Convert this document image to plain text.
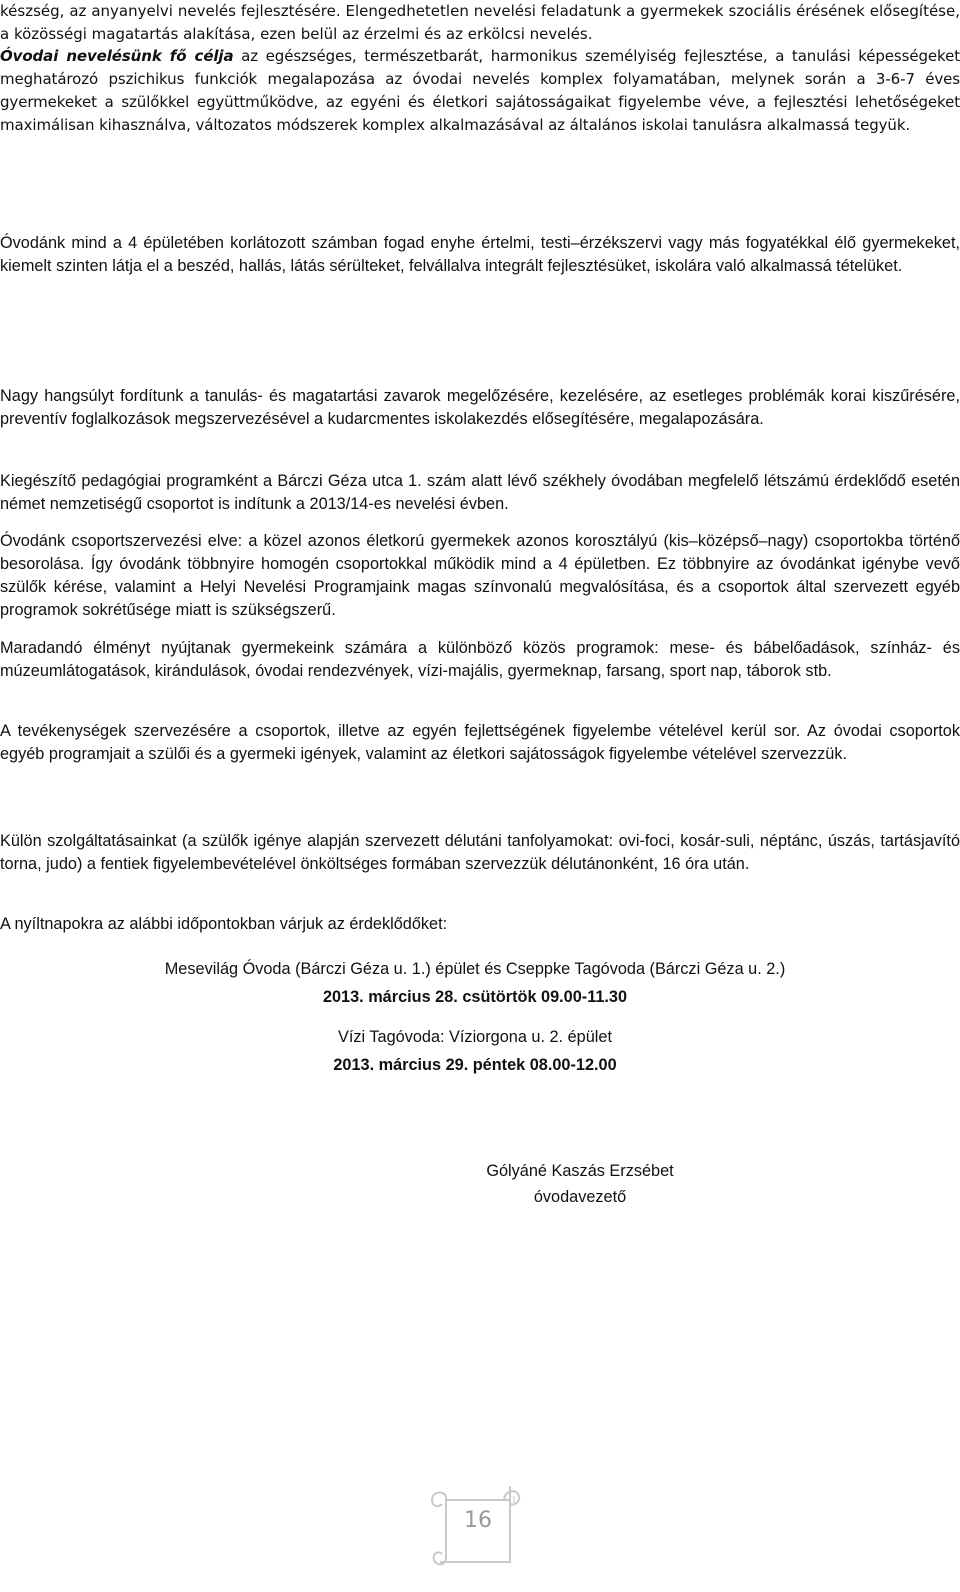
készség, az anyanyelvi nevelés fejlesztésére. Elengedhetetlen nevelési feladatunk a gyermekek szociális érésének elősegítése, a közösségi magatartás alakítása, ezen belül az érzelmi és az erkölcsi nevelés.

Óvodai nevelésünk fő célja az egészséges, természetbarát, harmonikus személyiség fejlesztése, a tanulási képességeket meghatározó pszichikus funkciók megalapozása az óvodai nevelés komplex folyamatában, melynek során a 3-6-7 éves gyermekeket a szülőkkel együttműködve, az egyéni és életkori sajátosságaikat figyelembe véve, a fejlesztési lehetőségeket maximálisan kihasználva, változatos módszerek komplex alkalmazásával az általános iskolai tanulásra alkalmassá tegyük.

Óvodánk mind a 4 épületében korlátozott számban fogad enyhe értelmi, testi–érzékszervi vagy más fogyatékkal élő gyermekeket, kiemelt szinten látja el a beszéd, hallás, látás sérülteket, felvállalva integrált fejlesztésüket, iskolára való alkalmassá tételüket.

Nagy hangsúlyt fordítunk a tanulás- és magatartási zavarok megelőzésére, kezelésére, az esetleges problémák korai kiszűrésére, preventív foglalkozások megszervezésével a kudarcmentes iskolakezdés elősegítésére, megalapozására.

Kiegészítő pedagógiai programként a Bárczi Géza utca 1. szám alatt lévő székhely óvodában megfelelő létszámú érdeklődő esetén német nemzetiségű csoportot is indítunk a 2013/14-es nevelési évben.

Óvodánk csoportszervezési elve: a közel azonos életkorú gyermekek azonos korosztályú (kis–középső–nagy) csoportokba történő besorolása. Így óvodánk többnyire homogén csoportokkal működik mind a 4 épületben. Ez többnyire az óvodánkat igénybe vevő szülők kérése, valamint a Helyi Nevelési Programjaink magas színvonalú megvalósítása, és a csoportok által szervezett egyéb programok sokrétűsége miatt is szükségszerű.

Maradandó élményt nyújtanak gyermekeink számára a különböző közös programok: mese- és bábelőadások, színház- és múzeumlátogatások, kirándulások, óvodai rendezvények, vízi-majális, gyermeknap, farsang, sport nap, táborok stb.

A tevékenységek szervezésére a csoportok, illetve az egyén fejlettségének figyelembe vételével kerül sor. Az óvodai csoportok egyéb programjait a szülői és a gyermeki igények, valamint az életkori sajátosságok figyelembe vételével szervezzük.

Külön szolgáltatásainkat (a szülők igénye alapján szervezett délutáni tanfolyamokat: ovi-foci, kosár-suli, néptánc, úszás, tartásjavító torna, judo) a fentiek figyelembevételével önköltséges formában szervezzük délutánonként, 16 óra után.

A nyíltnapokra az alábbi időpontokban várjuk az érdeklődőket:

Mesevilág Óvoda (Bárczi Géza u. 1.) épület és Cseppke Tagóvoda (Bárczi Géza u. 2.)
2013. március 28. csütörtök 09.00-11.30
Vízi Tagóvoda: Víziorgona u. 2. épület
2013. március 29. péntek 08.00-12.00
Gólyáné Kaszás Erzsébet
óvodavezető
16
